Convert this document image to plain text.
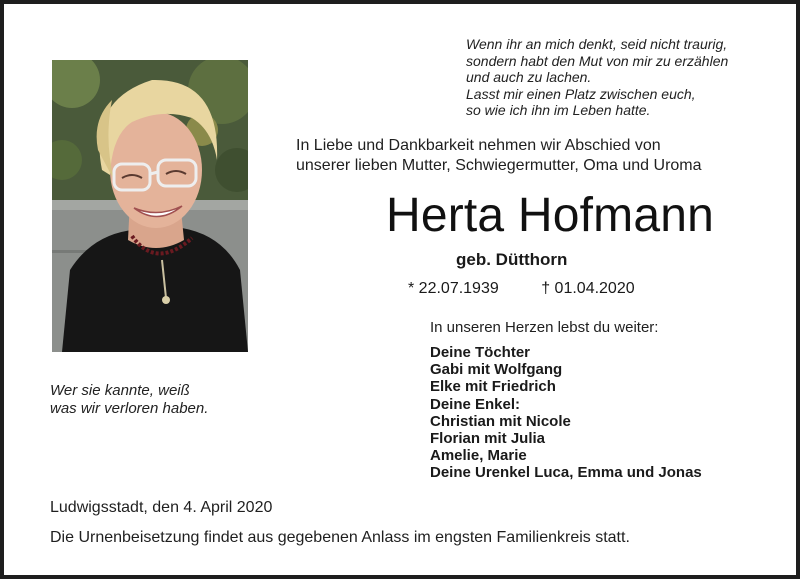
Wenn ihr an mich denkt, seid nicht traurig,
sondern habt den Mut von mir zu erzählen
und auch zu lachen.
Lasst mir einen Platz zwischen euch,
so wie ich ihn im Leben hatte.
In Liebe und Dankbarkeit nehmen wir Abschied von
unserer lieben Mutter, Schwiegermutter, Oma und Uroma
Herta Hofmann
geb. Dütthorn
* 22.07.1939	† 01.04.2020
Wer sie kannte, weiß
was wir verloren haben.
In unseren Herzen lebst du weiter:
Deine Töchter
Gabi mit Wolfgang
Elke mit Friedrich
Deine Enkel:
Christian mit Nicole
Florian mit Julia
Amelie, Marie
Deine Urenkel Luca, Emma und Jonas
Ludwigsstadt, den 4. April 2020
Die Urnenbeisetzung findet aus gegebenen Anlass im engsten Familienkreis statt.
